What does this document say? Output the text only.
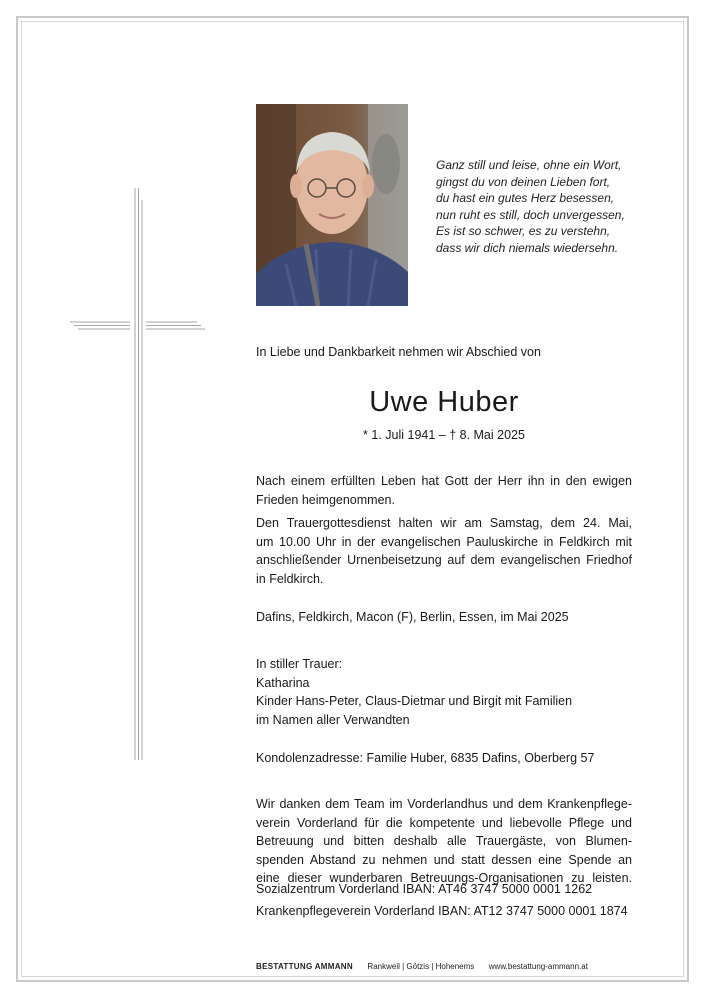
Ganz still und leise, ohne ein Wort,
gingst du von deinen Lieben fort,
du hast ein gutes Herz besessen,
nun ruht es still, doch unvergessen,
Es ist so schwer, es zu verstehn,
dass wir dich niemals wiedersehn.
In Liebe und Dankbarkeit nehmen wir Abschied von
Uwe Huber
* 1. Juli 1941 – † 8. Mai 2025
Nach einem erfüllten Leben hat Gott der Herr ihn in den ewigen
Frieden heimgenommen.
Den Trauergottesdienst halten wir am Samstag, dem 24. Mai,
um 10.00 Uhr in der evangelischen Pauluskirche in Feldkirch mit
anschließender Urnenbeisetzung auf dem evangelischen Friedhof
in Feldkirch.
Dafins, Feldkirch, Macon (F), Berlin, Essen, im Mai 2025
In stiller Trauer:
Katharina
Kinder Hans-Peter, Claus-Dietmar und Birgit mit Familien
im Namen aller Verwandten
Kondolenzadresse: Familie Huber, 6835 Dafins, Oberberg 57
Wir danken dem Team im Vorderlandhus und dem Krankenpflege-
verein Vorderland für die kompetente und liebevolle Pflege und
Betreuung und bitten deshalb alle Trauergäste, von Blumen-
spenden Abstand zu nehmen und statt dessen eine Spende an
eine dieser wunderbaren Betreuungs-Organisationen zu leisten.
Sozialzentrum Vorderland IBAN: AT46 3747 5000 0001 1262
Krankenpflegeverein Vorderland IBAN: AT12 3747 5000 0001 1874
BESTATTUNG AMMANN Rankweil | Götzis | Hohenems www.bestattung-ammann.at
